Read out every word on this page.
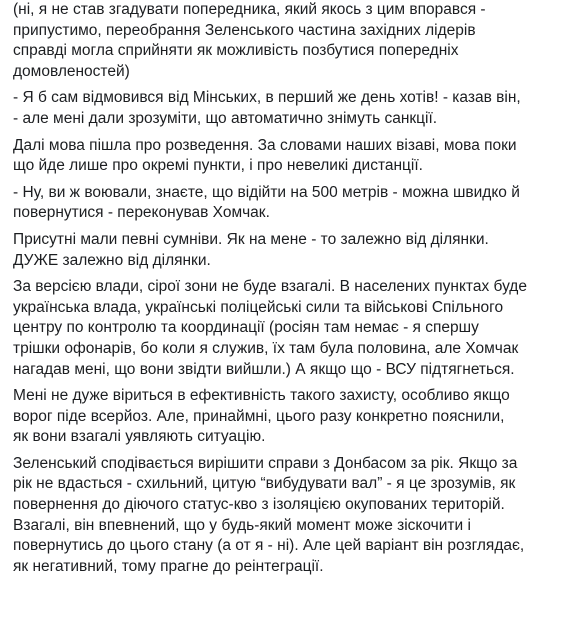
(ні, я не став згадувати попередника, який якось з цим впорався -
припустимо, переобрання Зеленського частина західних лідерів
справді могла сприйняти як можливість позбутися попередніх
домовленостей)

- Я б сам відмовився від Мінських, в перший же день хотів! - казав він,
- але мені дали зрозуміти, що автоматично знімуть санкції.

Далі мова пішла про розведення. За словами наших візаві, мова поки
що йде лише про окремі пункти, і про невеликі дистанції.

- Ну, ви ж воювали, знаєте, що відійти на 500 метрів - можна швидко й
повернутися - переконував Хомчак.

Присутні мали певні сумніви. Як на мене - то залежно від ділянки.
ДУЖЕ залежно від ділянки.

За версією влади, сірої зони не буде взагалі. В населених пунктах буде
українська влада, українські поліцейські сили та військові Спільного
центру по контролю та координації (росіян там немає - я спершу
трішки офонарів, бо коли я служив, їх там була половина, але Хомчак
нагадав мені, що вони звідти вийшли.) А якщо що - ВСУ підтягнеться.

Мені не дуже віриться в ефективність такого захисту, особливо якщо
ворог піде всерйоз. Але, принаймні, цього разу конкретно пояснили,
як вони взагалі уявляють ситуацію.

Зеленський сподівається вирішити справи з Донбасом за рік. Якщо за
рік не вдасться - схильний, цитую “вибудувати вал” - я це зрозумів, як
повернення до діючого статус-кво з ізоляцією окупованих територій.
Взагалі, він впевнений, що у будь-який момент може зіскочити і
повернутись до цього стану (а от я - ні). Але цей варіант він розглядає,
як негативний, тому прагне до реінтеграції.
